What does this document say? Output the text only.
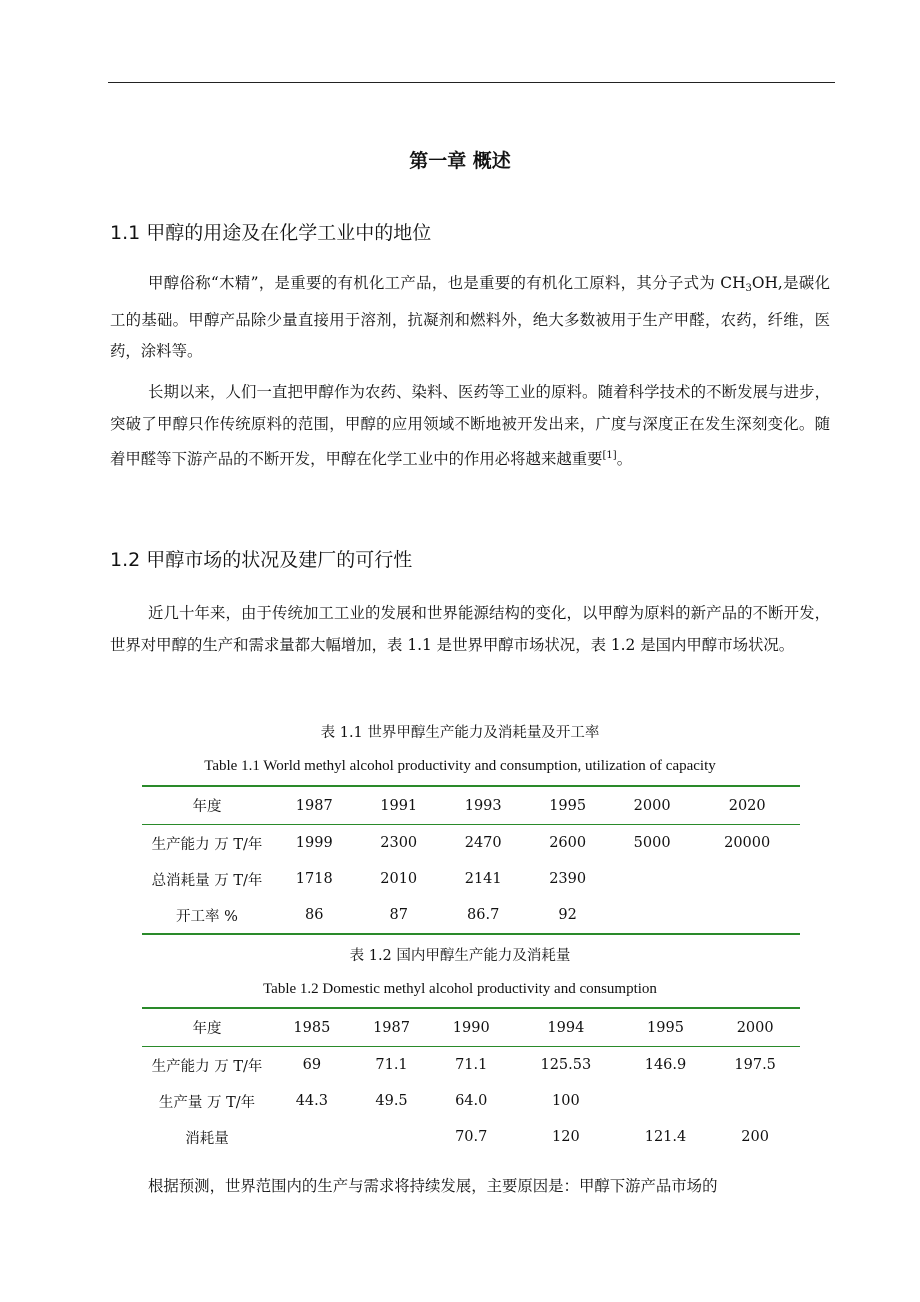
第一章 概述
1.1 甲醇的用途及在化学工业中的地位

甲醇俗称“木精”，是重要的有机化工产品，也是重要的有机化工原料，其分子式为 $CH_3OH$,是碳化工的基础。甲醇产品除少量直接用于溶剂，抗凝剂和燃料外，绝大多数被用于生产甲醛，农药，纤维，医药，涂料等。

长期以来，人们一直把甲醇作为农药、染料、医药等工业的原料。随着科学技术的不断发展与进步，突破了甲醇只作传统原料的范围，甲醇的应用领域不断地被开发出来，广度与深度正在发生深刻变化。随着甲醛等下游产品的不断开发，甲醇在化学工业中的作用必将越来越重要[1]。

1.2 甲醇市场的状况及建厂的可行性

近几十年来，由于传统加工工业的发展和世界能源结构的变化，以甲醇为原料的新产品的不断开发，世界对甲醇的生产和需求量都大幅增加，表 1.1 是世界甲醇市场状况，表 1.2 是国内甲醇市场状况。

表 1.1 世界甲醇生产能力及消耗量及开工率
Table 1.1 World methyl alcohol productivity and consumption, utilization of capacity
年度	1987	1991	1993	1995	2000	2020
生产能力 万 T/年	1999	2300	2470	2600	5000	20000
总消耗量 万 T/年	1718	2010	2141	2390		
开工率 %	86	87	86.7	92		
表 1.2 国内甲醇生产能力及消耗量
Table 1.2 Domestic methyl alcohol productivity and consumption
年度	1985	1987	1990	1994	1995	2000
生产能力 万 T/年	69	71.1	71.1	125.53	146.9	197.5
生产量 万 T/年	44.3	49.5	64.0	100		
消耗量			70.7	120	121.4	200
根据预测，世界范围内的生产与需求将持续发展，主要原因是：甲醇下游产品市场的
